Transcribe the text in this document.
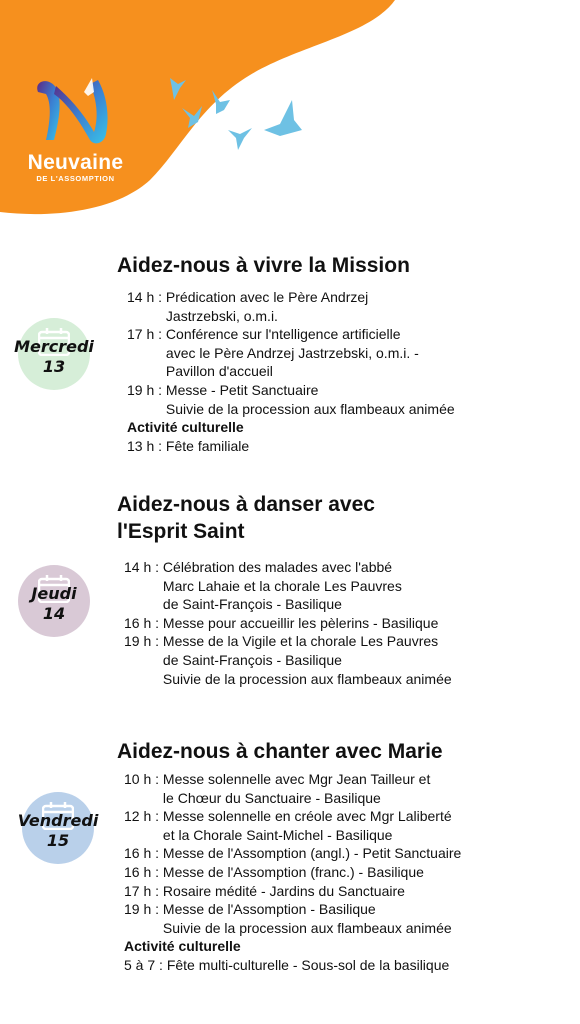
Neuvaine
DE L'ASSOMPTION
Mercredi
13
Aidez-nous à vivre la Mission
14 h : Prédication avec le Père Andrzej
Jastrzebski, o.m.i.
17 h : Conférence sur l'ntelligence artificielle
avec le Père Andrzej Jastrzebski, o.m.i. -
Pavillon d'accueil
19 h : Messe - Petit Sanctuaire
Suivie de la procession aux flambeaux animée
Activité culturelle
13 h : Fête familiale
Jeudi
14
Aidez-nous à danser avec
l'Esprit Saint
14 h : Célébration des malades avec l'abbé
Marc Lahaie et la chorale Les Pauvres
de Saint-François - Basilique
16 h : Messe pour accueillir les pèlerins - Basilique
19 h : Messe de la Vigile et la chorale Les Pauvres
de Saint-François - Basilique
Suivie de la procession aux flambeaux animée
Vendredi
15
Aidez-nous à chanter avec Marie
10 h : Messe solennelle avec Mgr Jean Tailleur et
le Chœur du Sanctuaire - Basilique
12 h : Messe solennelle en créole avec Mgr Laliberté
et la Chorale Saint-Michel - Basilique
16 h : Messe de l'Assomption (angl.) - Petit Sanctuaire
16 h : Messe de l'Assomption (franc.) - Basilique
17 h : Rosaire médité - Jardins du Sanctuaire
19 h : Messe de l'Assomption - Basilique
Suivie de la procession aux flambeaux animée
Activité culturelle
5 à 7 : Fête multi-culturelle - Sous-sol de la basilique
